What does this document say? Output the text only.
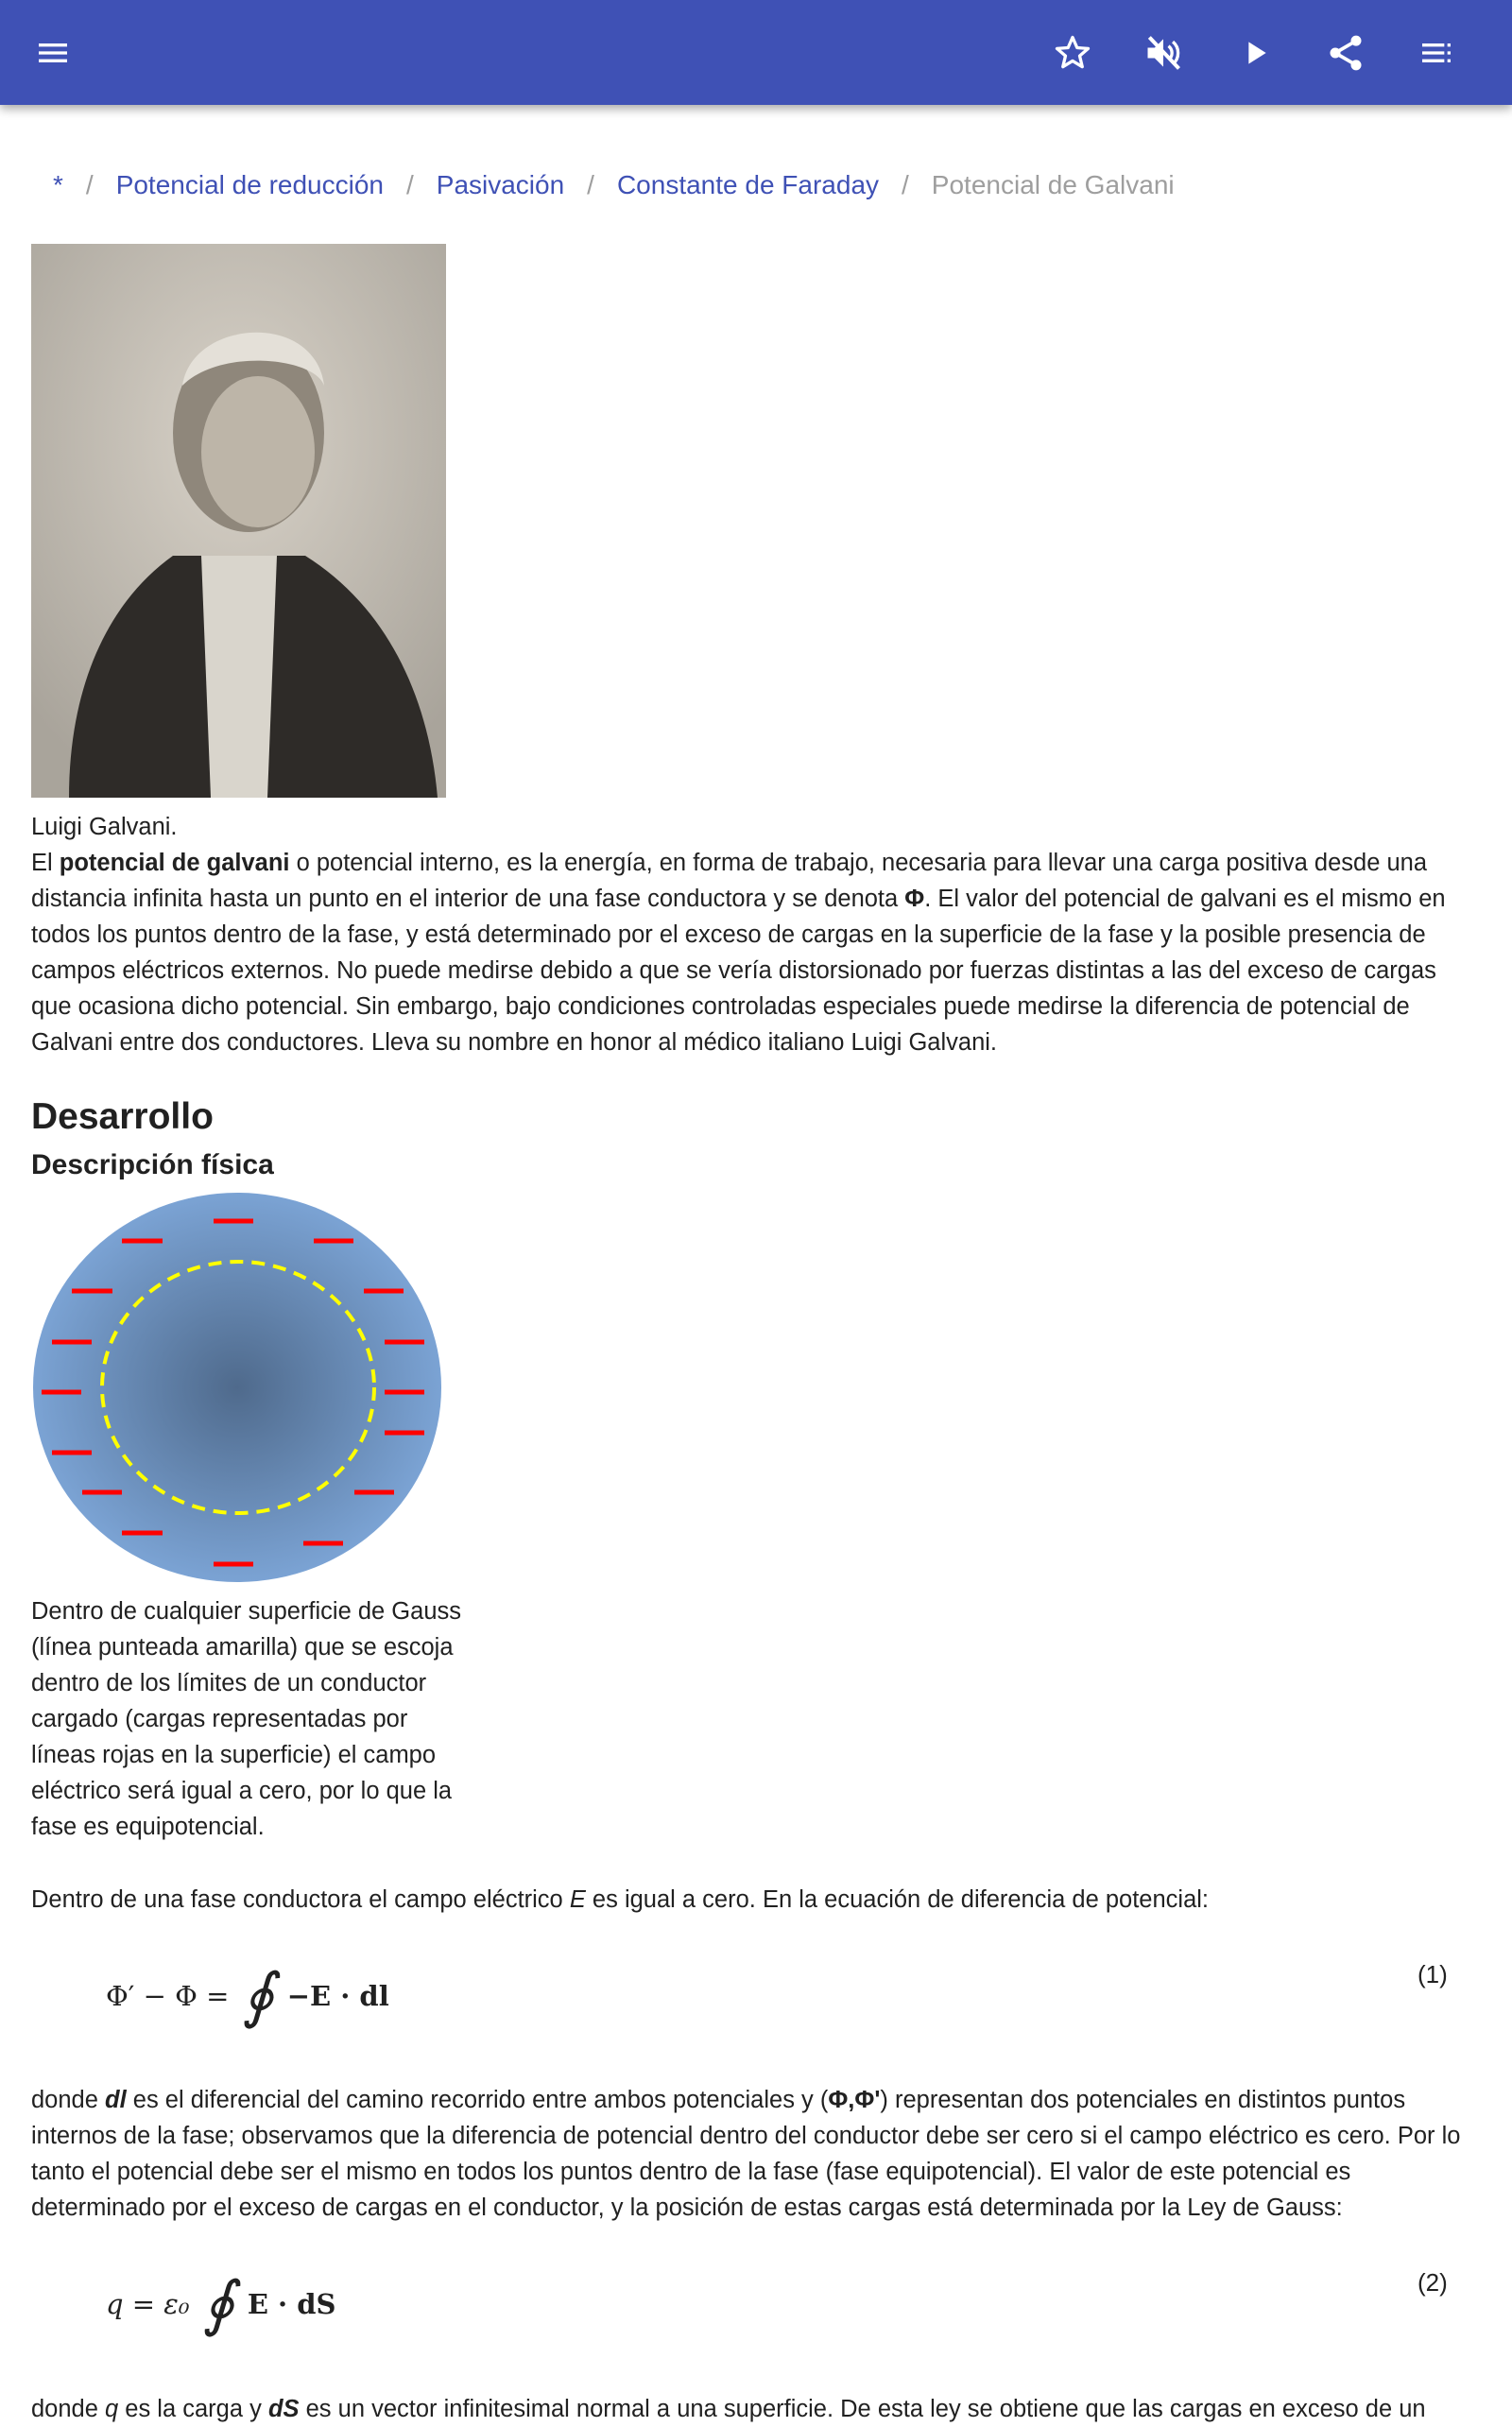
* / Potencial de reducción / Pasivación / Constante de Faraday / Potencial de Galvani
Luigi Galvani.
El potencial de galvani o potencial interno, es la energía, en forma de trabajo, necesaria para llevar una carga positiva desde una distancia infinita hasta un punto en el interior de una fase conductora y se denota Φ. El valor del potencial de galvani es el mismo en todos los puntos dentro de la fase, y está determinado por el exceso de cargas en la superficie de la fase y la posible presencia de campos eléctricos externos. No puede medirse debido a que se vería distorsionado por fuerzas distintas a las del exceso de cargas que ocasiona dicho potencial. Sin embargo, bajo condiciones controladas especiales puede medirse la diferencia de potencial de Galvani entre dos conductores. Lleva su nombre en honor al médico italiano Luigi Galvani.
Desarrollo
Descripción física
Dentro de cualquier superficie de Gauss (línea punteada amarilla) que se escoja dentro de los límites de un conductor cargado (cargas representadas por líneas rojas en la superficie) el campo eléctrico será igual a cero, por lo que la fase es equipotencial.
Dentro de una fase conductora el campo eléctrico E es igual a cero. En la ecuación de diferencia de potencial:
Φ′ − Φ = ∮ −E · dl
(1)
donde dl es el diferencial del camino recorrido entre ambos potenciales y (Φ,Φ') representan dos potenciales en distintos puntos internos de la fase; observamos que la diferencia de potencial dentro del conductor debe ser cero si el campo eléctrico es cero. Por lo tanto el potencial debe ser el mismo en todos los puntos dentro de la fase (fase equipotencial). El valor de este potencial es determinado por el exceso de cargas en el conductor, y la posición de estas cargas está determinada por la Ley de Gauss:
q = ε₀ ∮ E · dS
(2)
donde q es la carga y dS es un vector infinitesimal normal a una superficie. De esta ley se obtiene que las cargas en exceso de un
